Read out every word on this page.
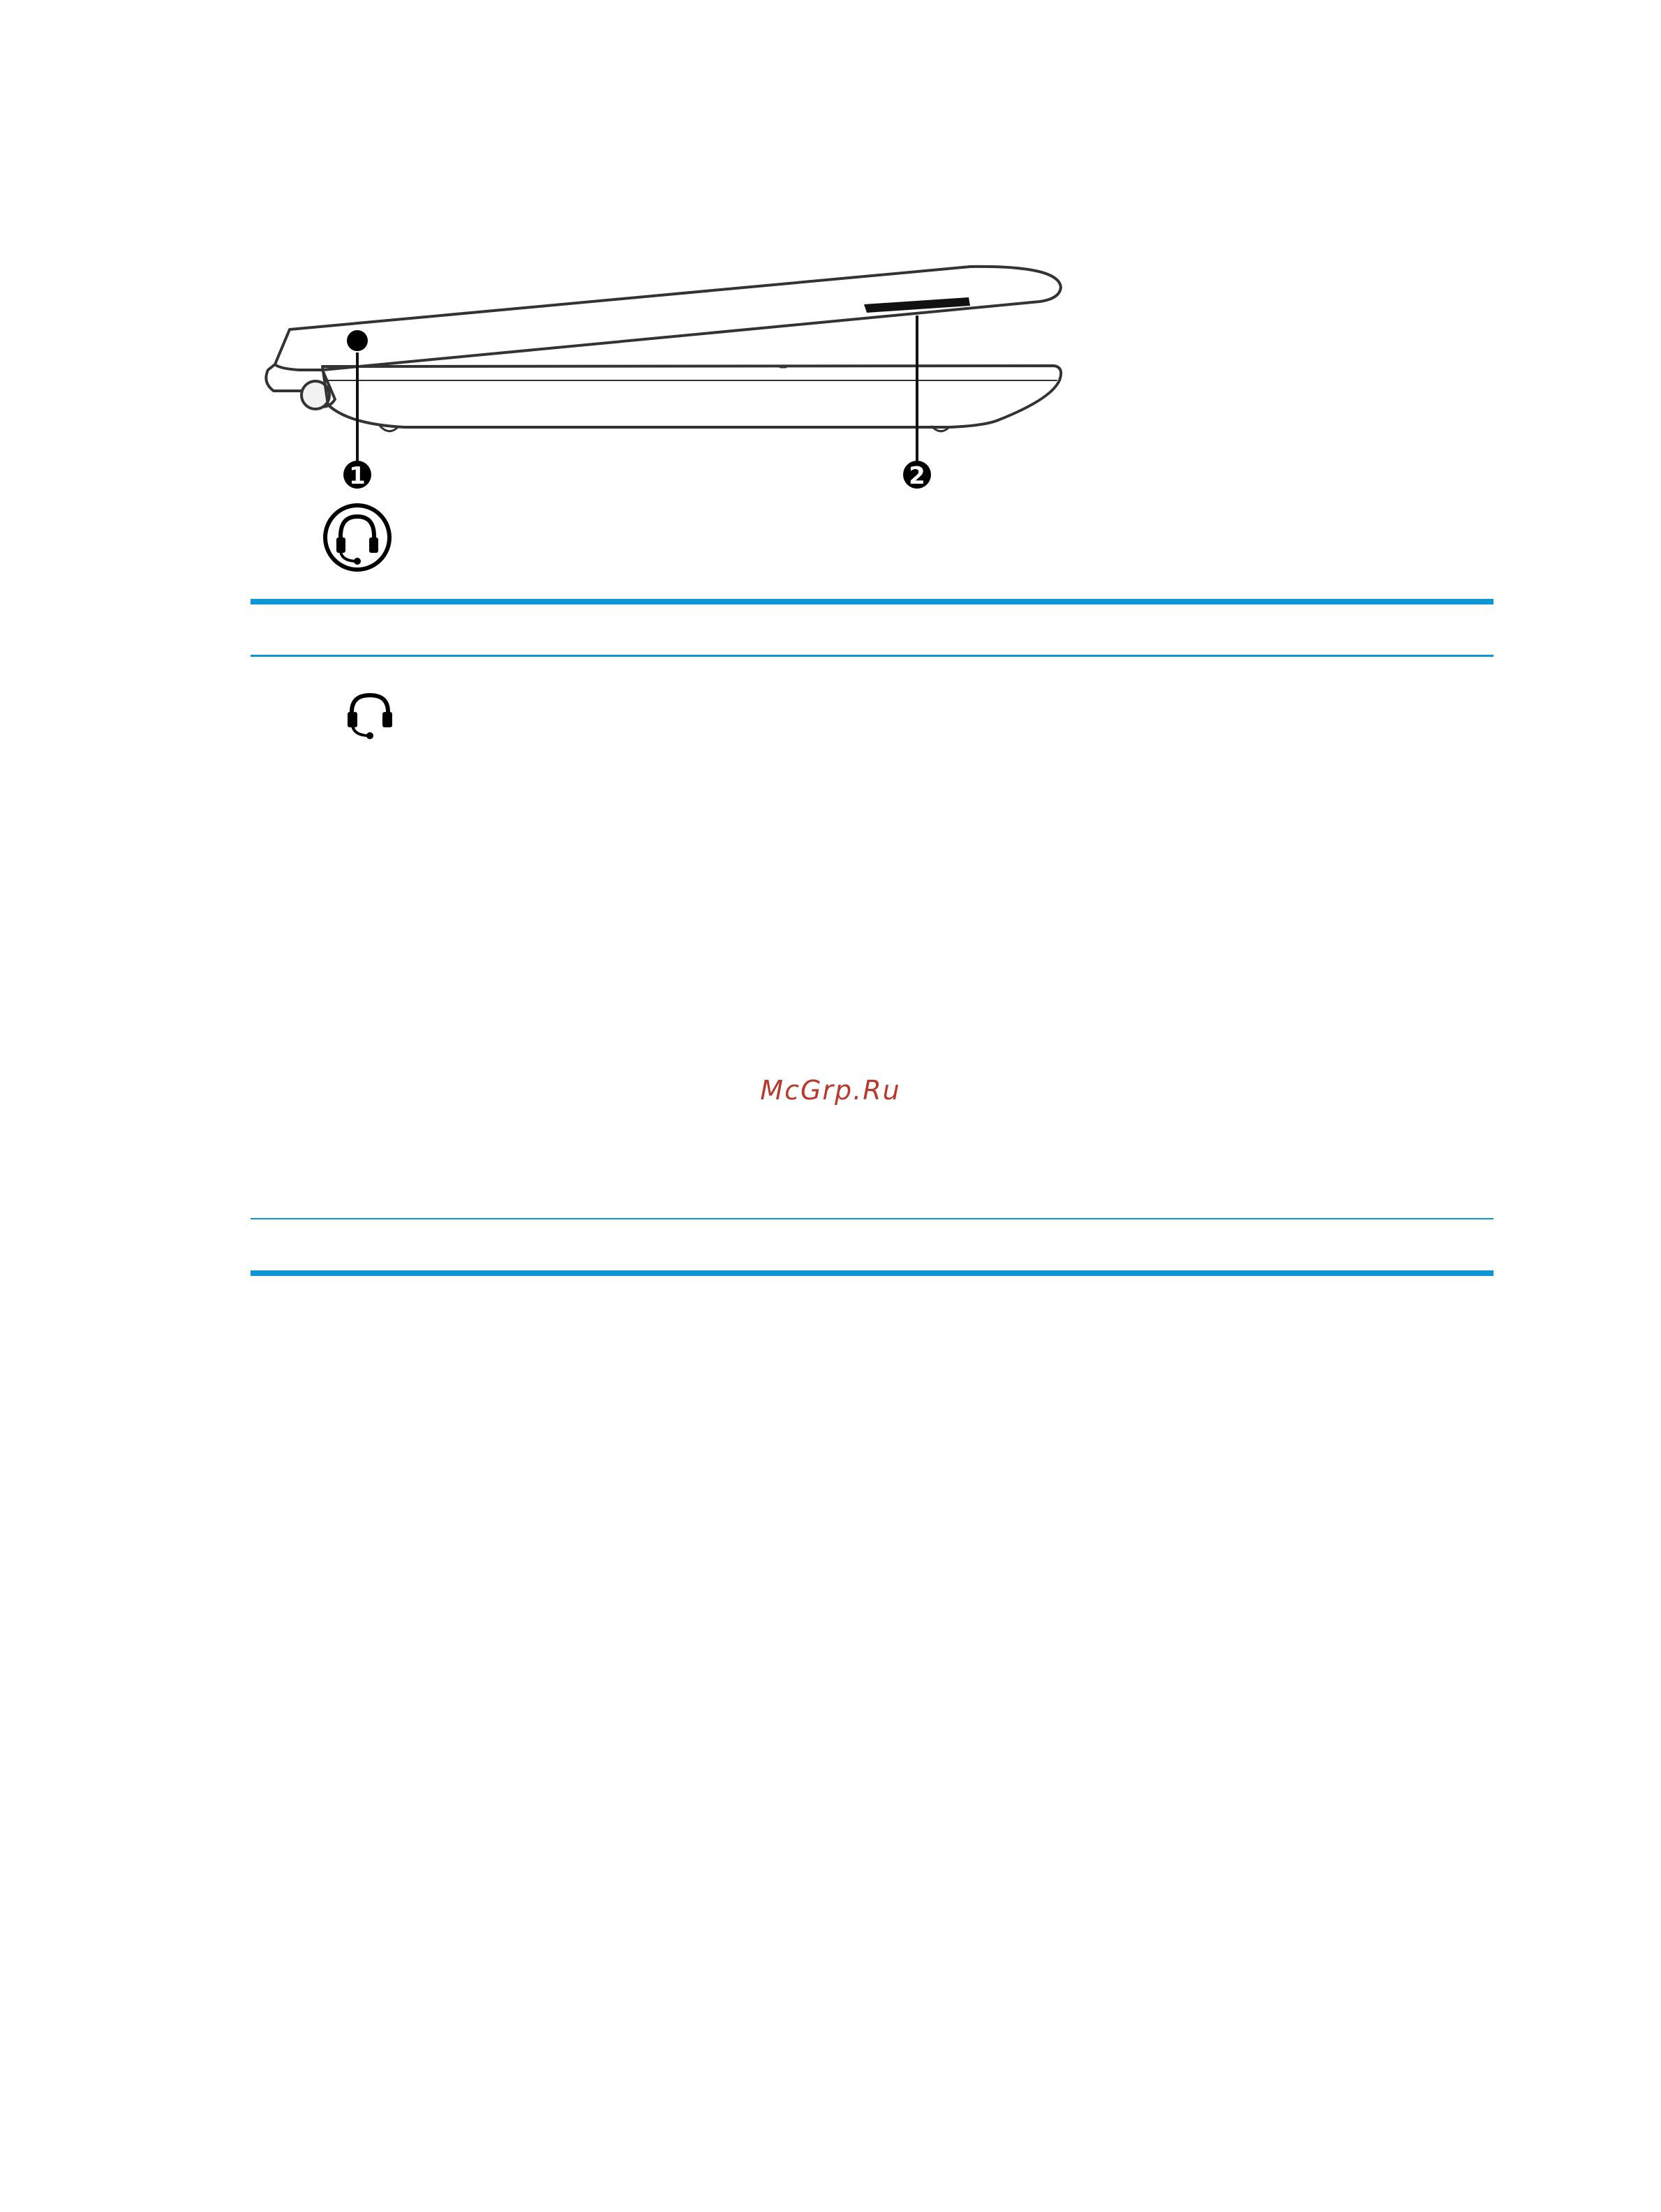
1	2
McGrp.Ru
